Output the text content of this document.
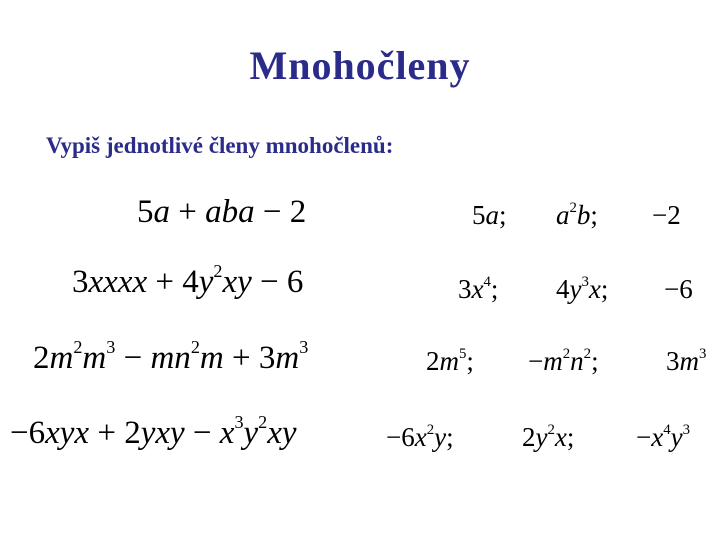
Mnohočleny
Vypiš jednotlivé členy mnohočlenů:
5a + aba − 2	5a; $a^2b$; −2
3xxxx + $4y^2xy - 6$	$3x^4$; $4y^3x$; −6
$2m^2m^3 - mn^2m + 3m^3$	$2m^5$; $-m^2n^2$; $3m^3$
$-6xyx + 2yxy - x^3y^2xy$	$-6x^2y$;	$2y^2x$; $-x^4y^3$
